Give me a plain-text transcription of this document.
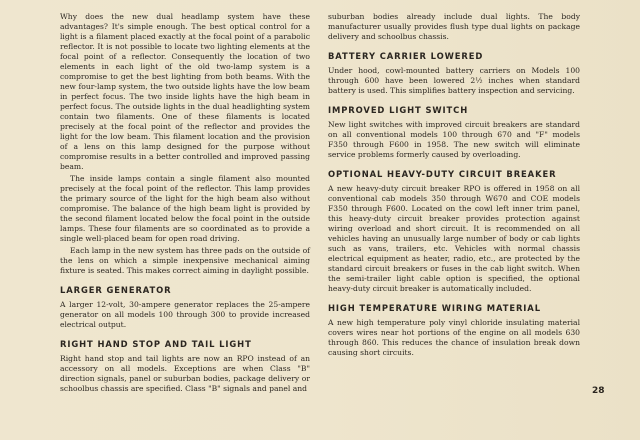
Why does the new dual headlamp system have these advantages? It's simple enough. The best optical control for a light is a filament placed exactly at the focal point of a parabolic reflector. It is not possible to locate two lighting elements at the focal point of a reflector. Consequently the location of two elements in each light of the old two-lamp system is a compromise to get the best lighting from both beams. With the new four-lamp system, the two outside lights have the low beam in perfect focus. The two inside lights have the high beam in perfect focus. The outside lights in the dual headlighting system contain two filaments. One of these filaments is located precisely at the focal point of the reflector and provides the light for the low beam. This filament location and the provision of a lens on this lamp designed for the purpose without compromise results in a better controlled and improved passing beam.

The inside lamps contain a single filament also mounted precisely at the focal point of the reflector. This lamp provides the primary source of the light for the high beam also without compromise. The balance of the high beam light is provided by the second filament located below the focal point in the outside lamps. These four filaments are so coordinated as to provide a single well-placed beam for open road driving.

Each lamp in the new system has three pads on the outside of the lens on which a simple inexpensive mechanical aiming fixture is seated. This makes correct aiming in daylight possible.

LARGER GENERATOR

A larger 12-volt, 30-ampere generator replaces the 25-ampere generator on all models 100 through 300 to provide increased electrical output.

RIGHT HAND STOP AND TAIL LIGHT

Right hand stop and tail lights are now an RPO instead of an accessory on all models. Exceptions are when Class "B" direction signals, panel or suburban bodies, package delivery or schoolbus chassis are specified. Class "B" signals and panel and

suburban bodies already include dual lights. The body manufacturer usually provides flush type dual lights on package delivery and schoolbus chassis.

BATTERY CARRIER LOWERED

Under hood, cowl-mounted battery carriers on Models 100 through 600 have been lowered 2½ inches when standard battery is used. This simplifies battery inspection and servicing.

IMPROVED LIGHT SWITCH

New light switches with improved circuit breakers are standard on all conventional models 100 through 670 and "F" models F350 through F600 in 1958. The new switch will eliminate service problems formerly caused by overloading.

OPTIONAL HEAVY-DUTY CIRCUIT BREAKER

A new heavy-duty circuit breaker RPO is offered in 1958 on all conventional cab models 350 through W670 and COE models F350 through F600. Located on the cowl left inner trim panel, this heavy-duty circuit breaker provides protection against wiring overload and short circuit. It is recommended on all vehicles having an unusually large number of body or cab lights such as vans, trailers, etc. Vehicles with normal chassis electrical equipment as heater, radio, etc., are protected by the standard circuit breakers or fuses in the cab light switch. When the semi-trailer light cable option is specified, the optional heavy-duty circuit breaker is automatically included.

HIGH TEMPERATURE WIRING MATERIAL

A new high temperature poly vinyl chloride insulating material covers wires near hot portions of the engine on all models 630 through 860. This reduces the chance of insulation break down causing short circuits.

28
